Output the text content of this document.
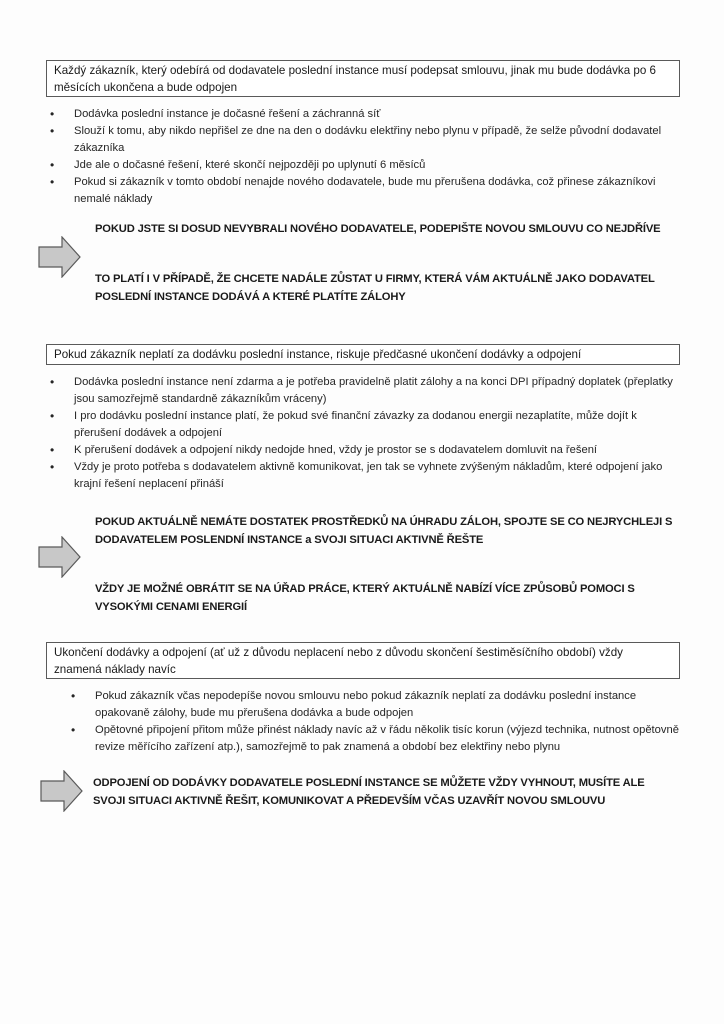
Každý zákazník, který odebírá od dodavatele poslední instance musí podepsat smlouvu, jinak mu bude dodávka po 6 měsících ukončena a bude odpojen
• Dodávka poslední instance je dočasné řešení a záchranná síť
• Slouží k tomu, aby nikdo nepřišel ze dne na den o dodávku elektřiny nebo plynu v případě, že selže původní dodavatel zákazníka
• Jde ale o dočasné řešení, které skončí nejpozději po uplynutí 6 měsíců
• Pokud si zákazník v tomto období nenajde nového dodavatele, bude mu přerušena dodávka, což přinese zákazníkovi nemalé náklady
POKUD JSTE SI DOSUD NEVYBRALI NOVÉHO DODAVATELE, PODEPIŠTE NOVOU SMLOUVU CO NEJDŘÍVE
TO PLATÍ I V PŘÍPADĚ, ŽE CHCETE NADÁLE ZŮSTAT U FIRMY, KTERÁ VÁM AKTUÁLNĚ JAKO DODAVATEL POSLEDNÍ INSTANCE DODÁVÁ A KTERÉ PLATÍTE ZÁLOHY
Pokud zákazník neplatí za dodávku poslední instance, riskuje předčasné ukončení dodávky a odpojení
• Dodávka poslední instance není zdarma a je potřeba pravidelně platit zálohy a na konci DPI případný doplatek (přeplatky jsou samozřejmě standardně zákazníkům vráceny)
• I pro dodávku poslední instance platí, že pokud své finanční závazky za dodanou energii nezaplatíte, může dojít k přerušení dodávek a odpojení
• K přerušení dodávek a odpojení nikdy nedojde hned, vždy je prostor se s dodavatelem domluvit na řešení
• Vždy je proto potřeba s dodavatelem aktivně komunikovat, jen tak se vyhnete zvýšeným nákladům, které odpojení jako krajní řešení neplacení přináší
POKUD AKTUÁLNĚ NEMÁTE DOSTATEK PROSTŘEDKŮ NA ÚHRADU ZÁLOH, SPOJTE SE CO NEJRYCHLEJI S DODAVATELEM POSLENDNÍ INSTANCE a SVOJI SITUACI AKTIVNĚ ŘEŠTE
VŽDY JE MOŽNÉ OBRÁTIT SE NA ÚŘAD PRÁCE, KTERÝ AKTUÁLNĚ NABÍZÍ VÍCE ZPŮSOBŮ POMOCI S VYSOKÝMI CENAMI ENERGIÍ
Ukončení dodávky a odpojení (ať už z důvodu neplacení nebo z důvodu skončení šestiměsíčního období) vždy znamená náklady navíc
• Pokud zákazník včas nepodepíše novou smlouvu nebo pokud zákazník neplatí za dodávku poslední instance opakovaně zálohy, bude mu přerušena dodávka a bude odpojen
• Opětovné připojení přitom může přinést náklady navíc až v řádu několik tisíc korun (výjezd technika, nutnost opětovně revize měřícího zařízení atp.), samozřejmě to pak znamená a období bez elektřiny nebo plynu
ODPOJENÍ OD DODÁVKY DODAVATELE POSLEDNÍ INSTANCE SE MŮŽETE VŽDY VYHNOUT, MUSÍTE ALE SVOJI SITUACI AKTIVNĚ ŘEŠIT, KOMUNIKOVAT A PŘEDEVŠÍM VČAS UZAVŘÍT NOVOU SMLOUVU
